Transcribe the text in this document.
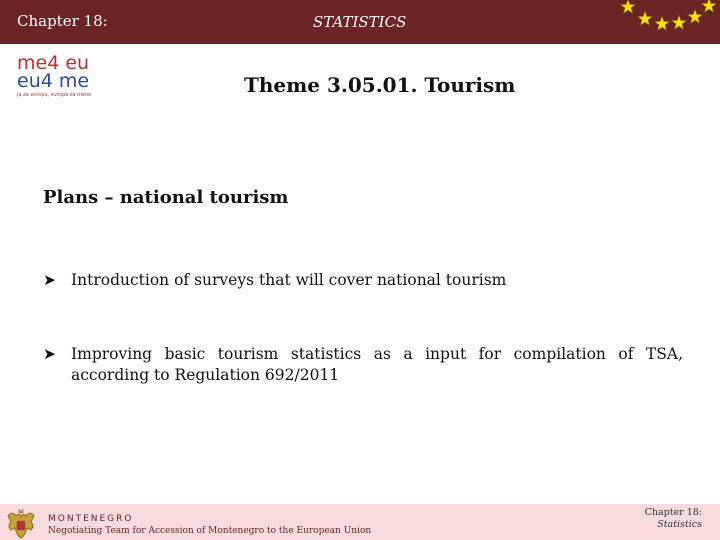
Chapter 18:	STATISTICS
me4 eu
eu4 me
ja za evropu, evropa za mene	Theme 3.05.01. Tourism
Plans – national tourism
➤ Introduction of surveys that will cover national tourism
➤ Improving basic tourism statistics as a input for compilation of TSA, according to Regulation 692/2011
MONTENEGRO
Negotiating Team for Accession of Montenegro to the European Union
Chapter 18:
Statistics
